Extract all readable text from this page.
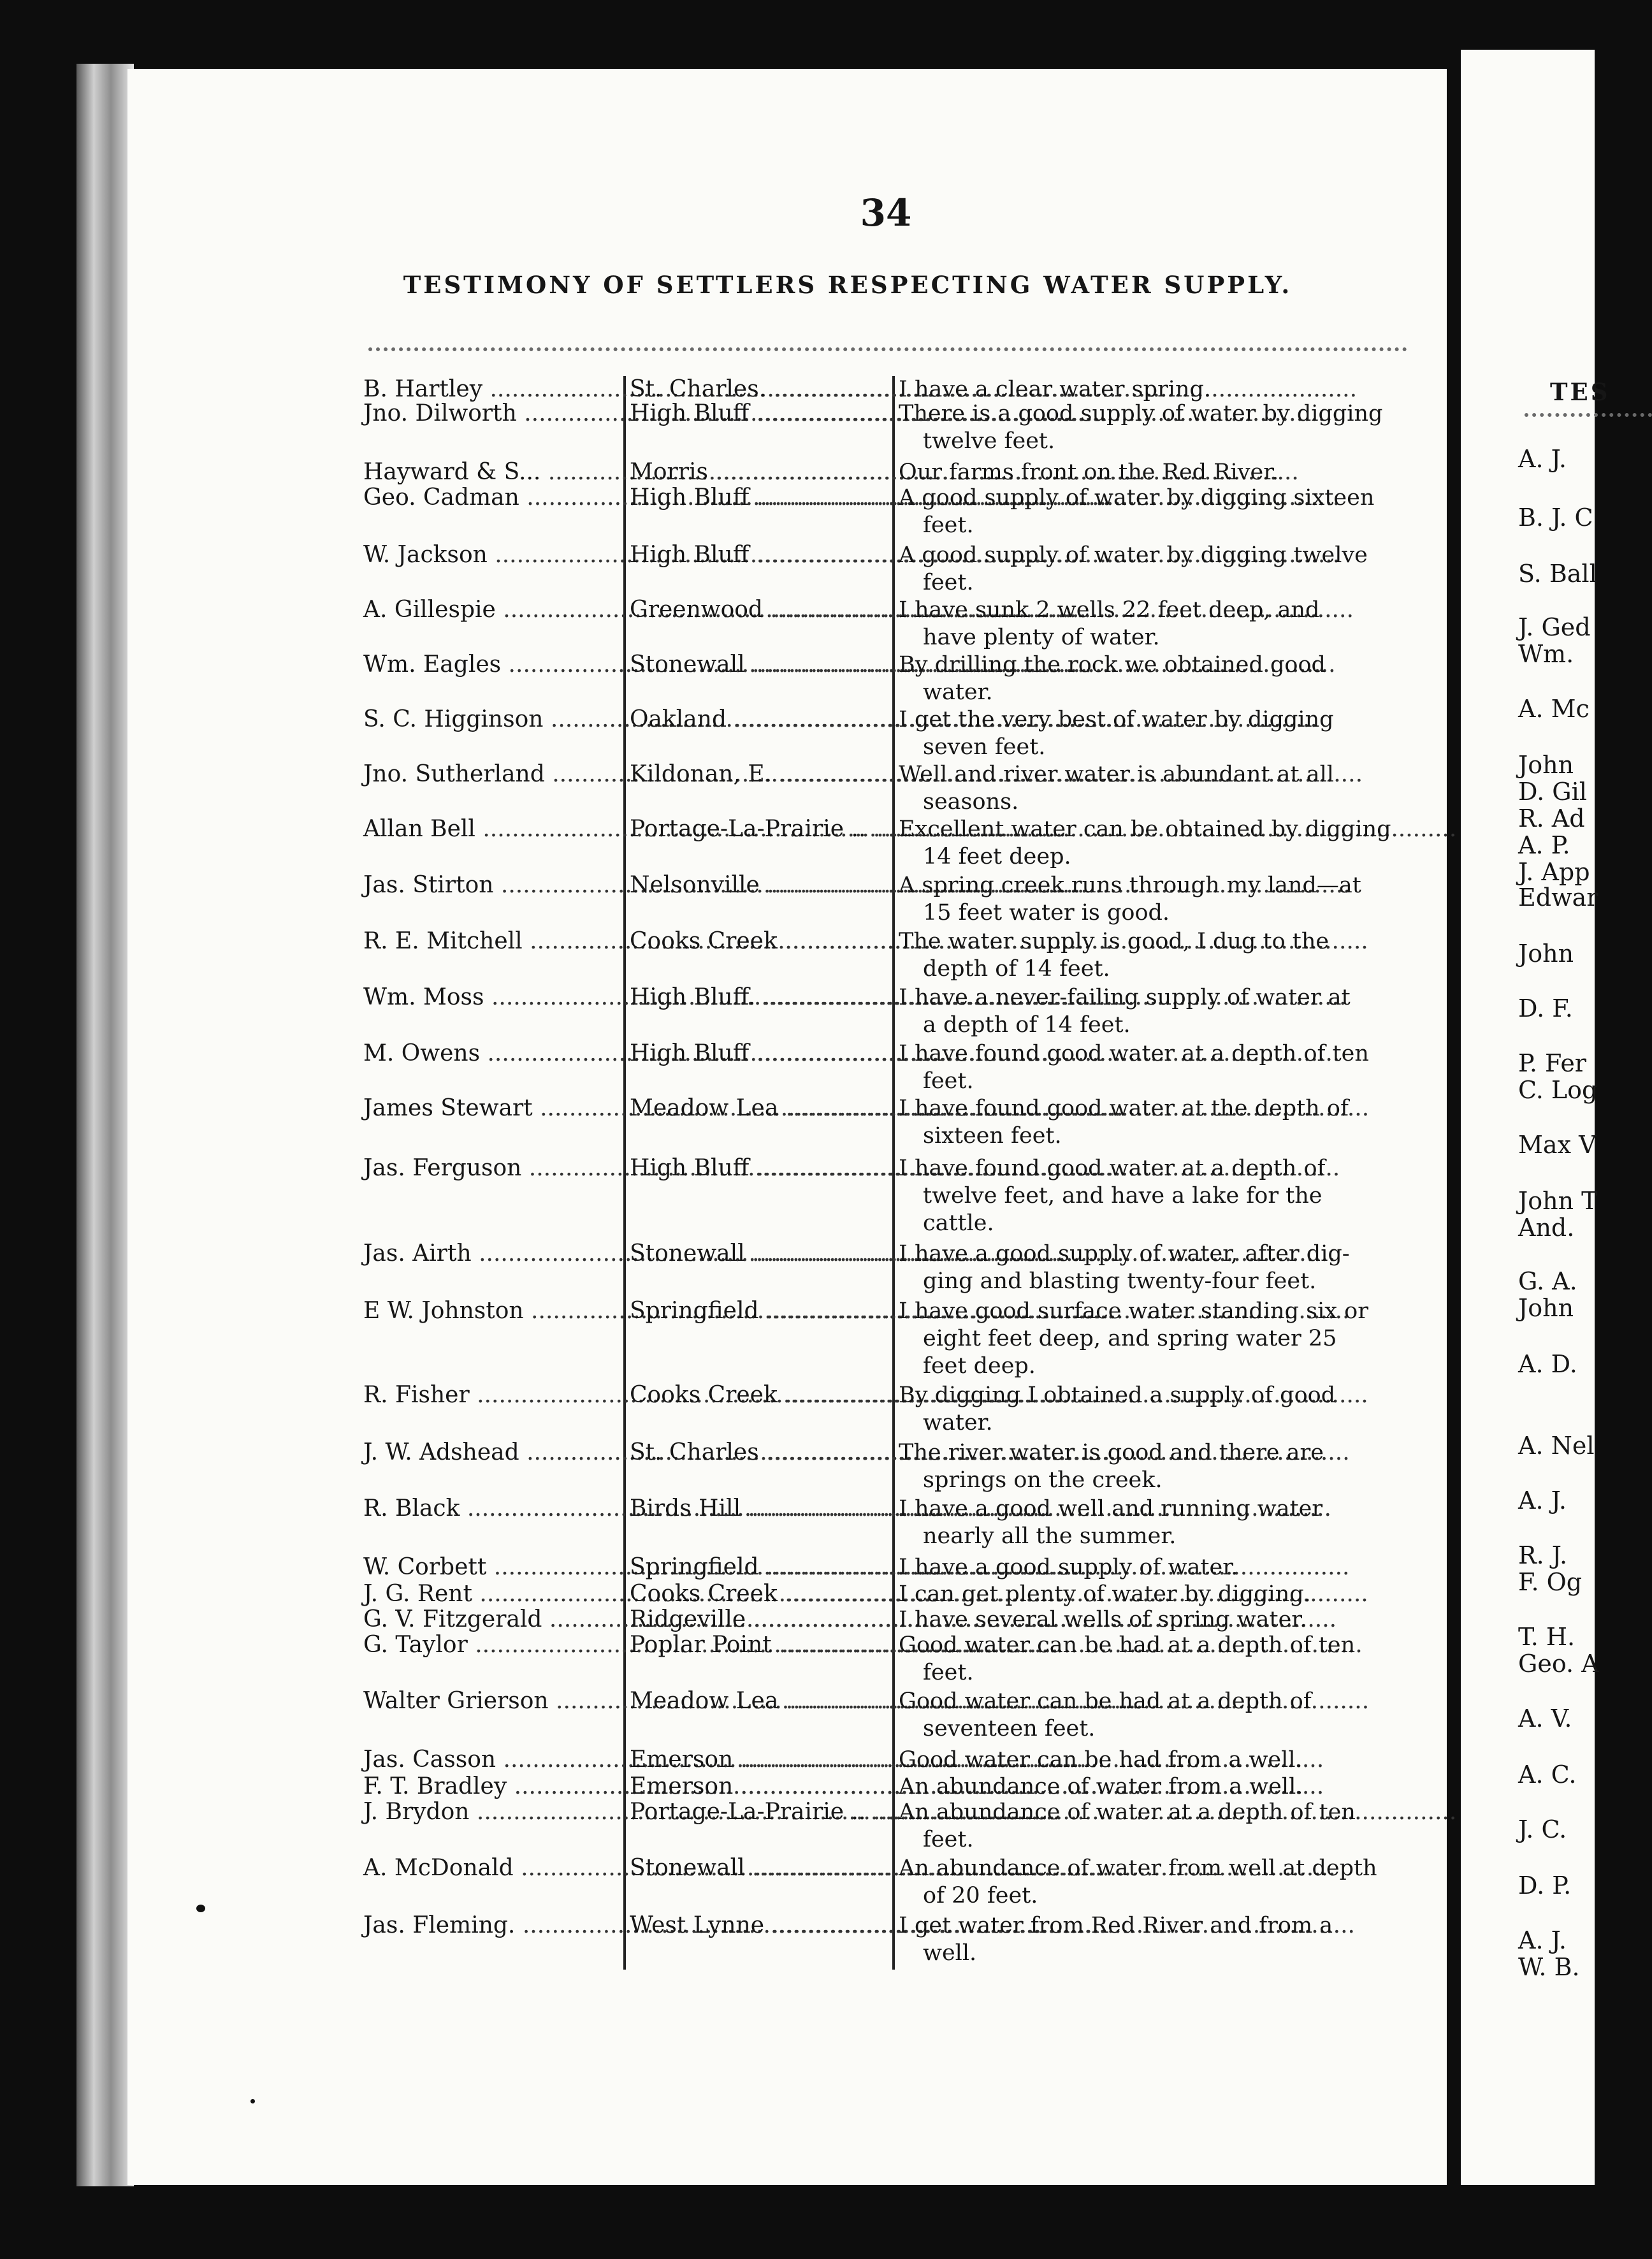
34
TESTIMONY OF SETTLERS RESPECTING WATER SUPPLY.
B. Hartley .....	St. Charles. .....	I have a clear water spring.
Jno. Dilworth .....	High Bluff .....	There is a good supply of water by digging
twelve feet.
Hayward & S... .....	Morris .....	Our farms front on the Red River.
Geo. Cadman .....	High Bluff .....	A good supply of water by digging sixteen
feet.
W. Jackson .....	High Bluff .....	A good supply of water by digging twelve
feet.
A. Gillespie .....	Greenwood .....	I have sunk 2 wells 22 feet deep, and
have plenty of water.
Wm. Eagles .....	Stonewall .....	By drilling the rock we obtained good
water.
S. C. Higginson .....	Oakland .....	I get the very best of water by digging
seven feet.
Jno. Sutherland .....	Kildonan, E. .....	Well and river water is abundant at all
seasons.
Allan Bell .....	Portage-La-Prairie .. .....	Excellent water can be obtained by digging
14 feet deep.
Jas. Stirton .....	Nelsonville .....	A spring creek runs through my land—at
15 feet water is good.
R. E. Mitchell .....	Cooks Creek .....	The water supply is good, I dug to the
depth of 14 feet.
Wm. Moss .....	High Bluff. .....	I have a never-failing supply of water at
a depth of 14 feet.
M. Owens .....	High Bluff .....	I have found good water at a depth of ten
feet.
James Stewart .....	Meadow Lea .....	I have found good water at the depth of
sixteen feet.
Jas. Ferguson .....	High Bluff .....	I have found good water at a depth of
twelve feet, and have a lake for the
cattle.
Jas. Airth .....	Stonewall .....	I have a good supply of water, after dig-
ging and blasting twenty-four feet.
E W. Johnston .....	Springfield .....	I have good surface water standing six or
eight feet deep, and spring water 25
feet deep.
R. Fisher .....	Cooks Creek .....	By digging I obtained a supply of good
water.
J. W. Adshead .....	St. Charles .....	The river water is good and there are
springs on the creek.
R. Black .....	Birds Hill .....	I have a good well and running water
nearly all the summer.
W. Corbett .....	Springfield .....	I have a good supply of water.
J. G. Rent .....	Cooks Creek .....	I can get plenty of water by digging.
G. V. Fitzgerald .....	Ridgeville .....	I have several wells of spring water.
G. Taylor .....	Poplar Point .....	Good water can be had at a depth of ten
feet.
Walter Grierson .....	Meadow Lea .....	Good water can be had at a depth of
seventeen feet.
Jas. Casson .....	Emerson .....	Good water can be had from a well.
F. T. Bradley .....	Emerson .....	An abundance of water from a well.
J. Brydon .....	Portage-La-Prairie .. .....	An abundance of water at a depth of ten
feet.
A. McDonald .....	Stonewall .....	An abundance of water from well at depth
of 20 feet.
Jas. Fleming. .....	West Lynne .....	I get water from Red River and from a
well.
TES
A. J.
B. J. C
S. Ball
J. Ged
Wm.
A. Mc
John
D. Gil
R. Ad
A. P.
J. App
Edwar
John
D. F.
P. Fer
C. Log
Max V
John T
And.
G. A.
John
A. D.
A. Nel
A. J.
R. J.
F. Og
T. H.
Geo. A
A. V.
A. C.
J. C.
D. P.
A. J.
W. B.
